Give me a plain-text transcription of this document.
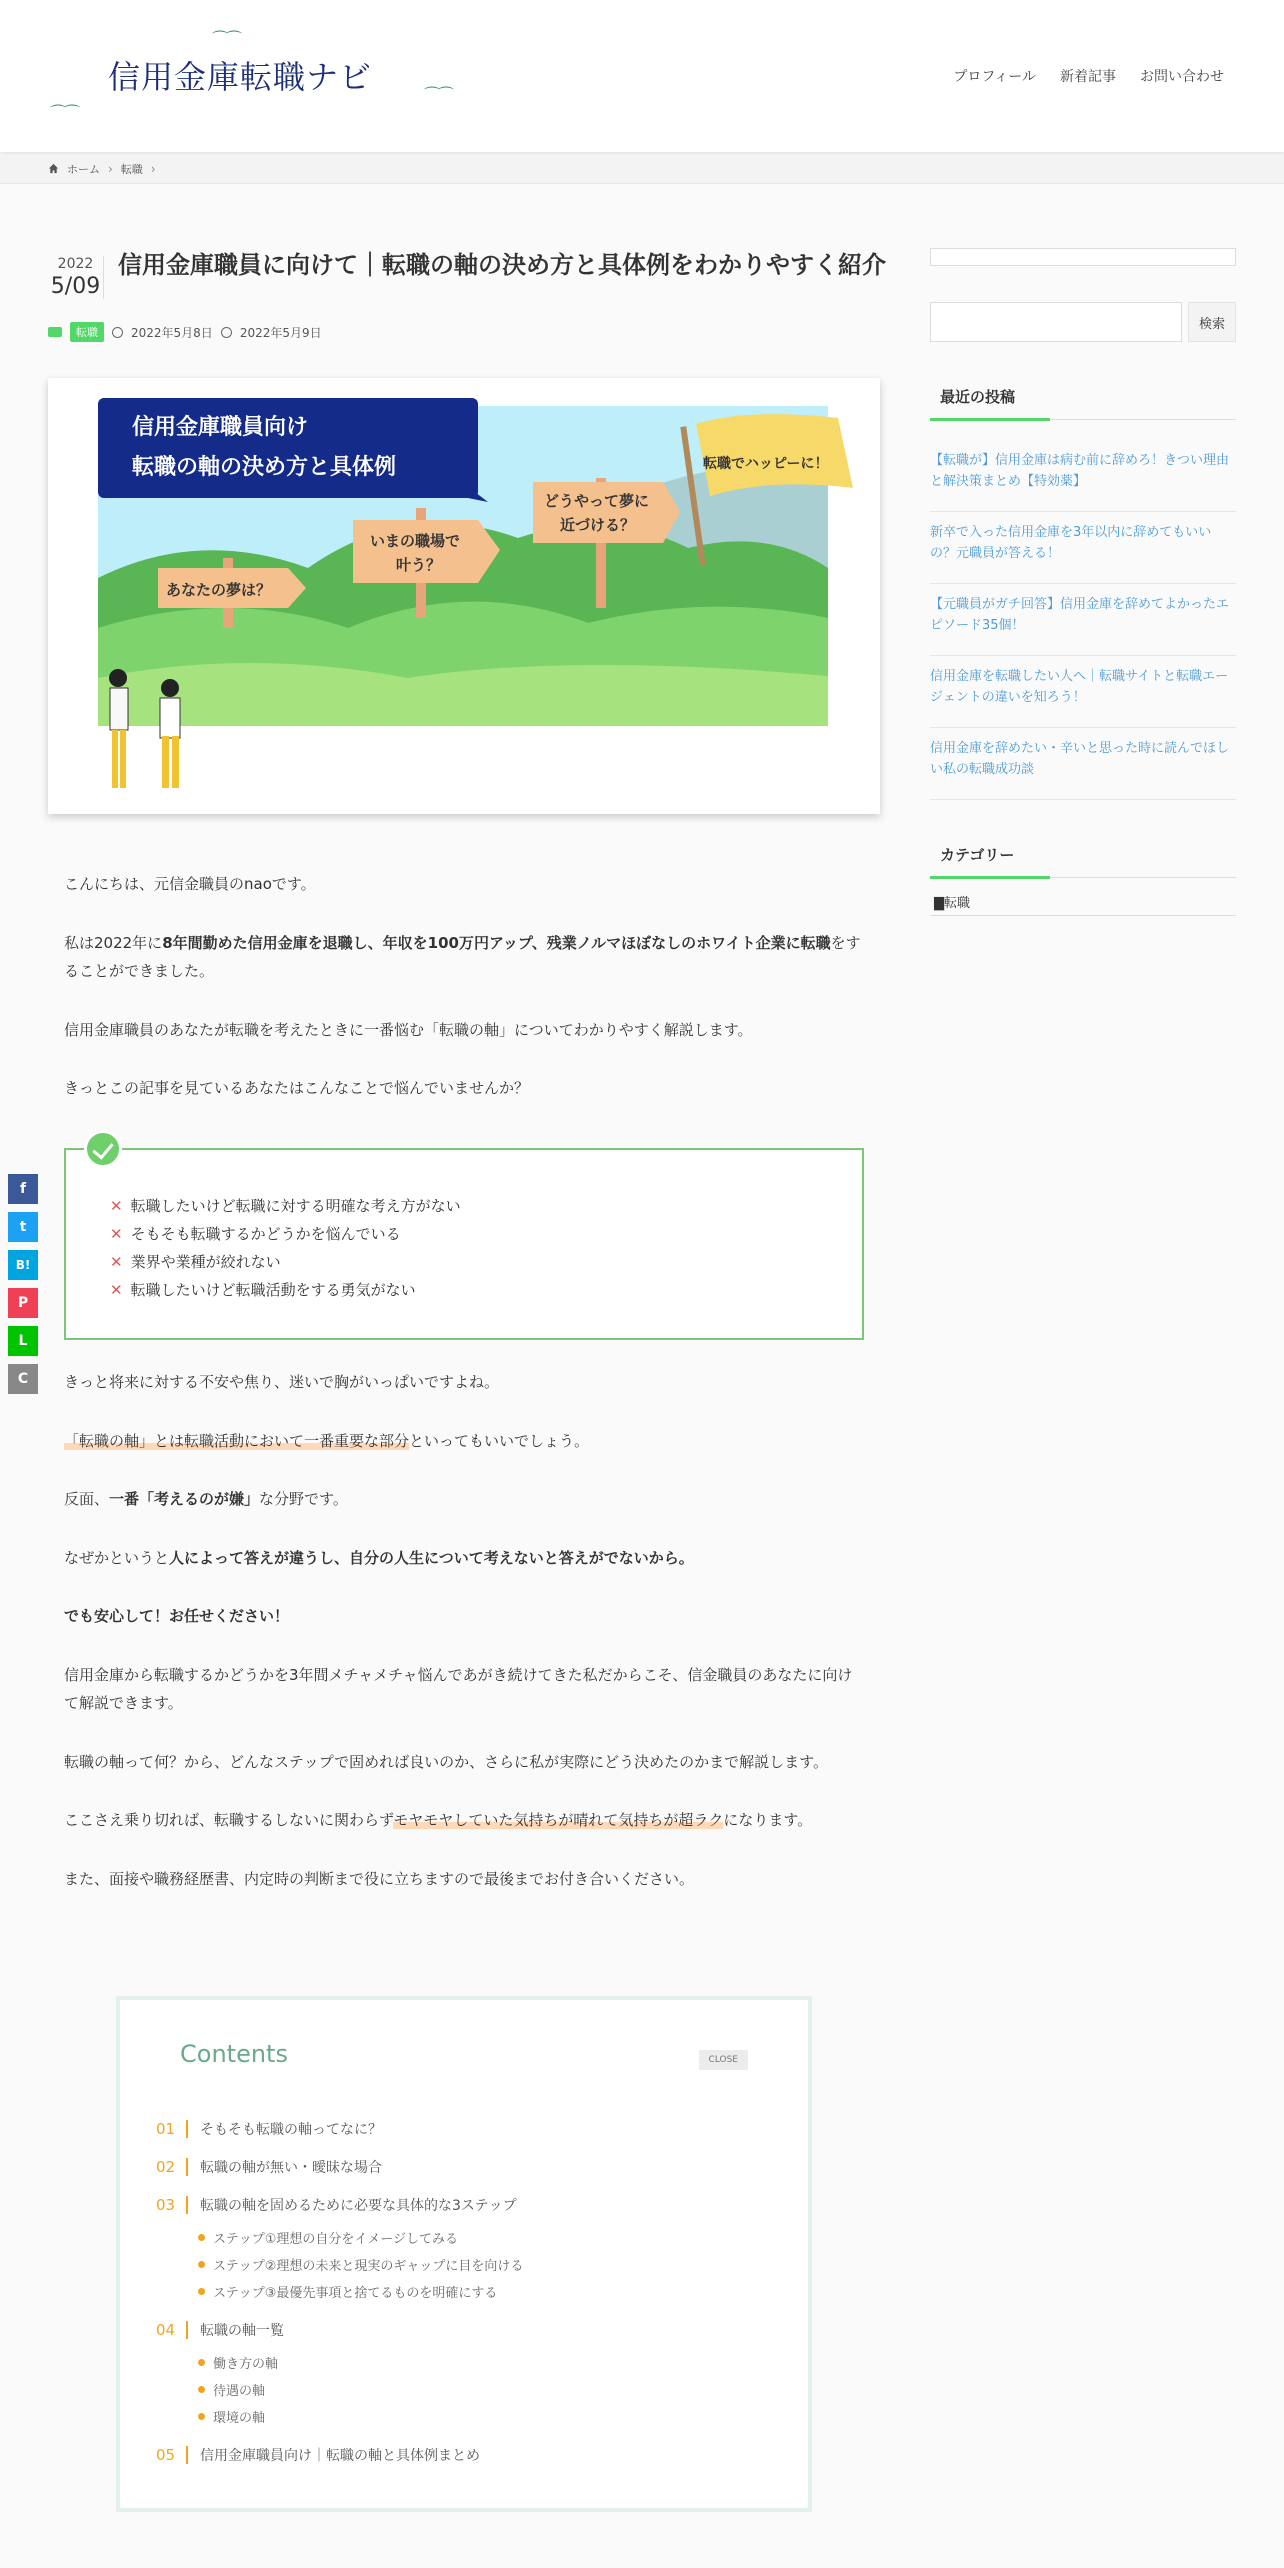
⌒⌒
⌒⌒
⌒⌒
信用金庫転職ナビ	プロフィール 新着記事 お問い合わせ
ホーム › 転職 ›
2022
5/09
信用金庫職員に向けて｜転職の軸の決め方と具体例をわかりやすく紹介
転職	2022年5月8日 2022年5月9日
信用金庫職員向け
転職の軸の決め方と具体例
あなたの夢は？
いまの職場で
叶う？
どうやって夢に
近づける？
転職でハッピーに！
f
t
B!
P
L
C

こんにちは、元信金職員のnaoです。

私は2022年に8年間勤めた信用金庫を退職し、年収を100万円アップ、残業ノルマほぼなしのホワイト企業に転職をすることができました。

信用金庫職員のあなたが転職を考えたときに一番悩む「転職の軸」についてわかりやすく解説します。

きっとこの記事を見ているあなたはこんなことで悩んでいませんか？

✕ 転職したいけど転職に対する明確な考え方がない
✕ そもそも転職するかどうかを悩んでいる
✕ 業界や業種が絞れない
✕ 転職したいけど転職活動をする勇気がない

きっと将来に対する不安や焦り、迷いで胸がいっぱいですよね。

「転職の軸」とは転職活動において一番重要な部分といってもいいでしょう。

反面、一番「考えるのが嫌」な分野です。

なぜかというと人によって答えが違うし、自分の人生について考えないと答えがでないから。

でも安心して！お任せください！

信用金庫から転職するかどうかを3年間メチャメチャ悩んであがき続けてきた私だからこそ、信金職員のあなたに向けて解説できます。

転職の軸って何？から、どんなステップで固めれば良いのか、さらに私が実際にどう決めたのかまで解説します。

ここさえ乗り切れば、転職するしないに関わらずモヤモヤしていた気持ちが晴れて気持ちが超ラクになります。

また、面接や職務経歴書、内定時の判断まで役に立ちますので最後までお付き合いください。

Contents	CLOSE
01	そもそも転職の軸ってなに？
02	転職の軸が無い・曖昧な場合
03	転職の軸を固めるために必要な具体的な3ステップ
ステップ①理想の自分をイメージしてみる
ステップ②理想の未来と現実のギャップに目を向ける
ステップ③最優先事項と捨てるものを明確にする
04	転職の軸一覧
働き方の軸
待遇の軸
環境の軸
05	信用金庫職員向け｜転職の軸と具体例まとめ
検索
最近の投稿
【転職が】信用金庫は病む前に辞めろ！きつい理由と解決策まとめ【特効薬】
新卒で入った信用金庫を3年以内に辞めてもいいの？元職員が答える！
【元職員がガチ回答】信用金庫を辞めてよかったエピソード35個！
信用金庫を転職したい人へ｜転職サイトと転職エージェントの違いを知ろう！
信用金庫を辞めたい・辛いと思った時に読んでほしい私の転職成功談
カテゴリー
▇転職
